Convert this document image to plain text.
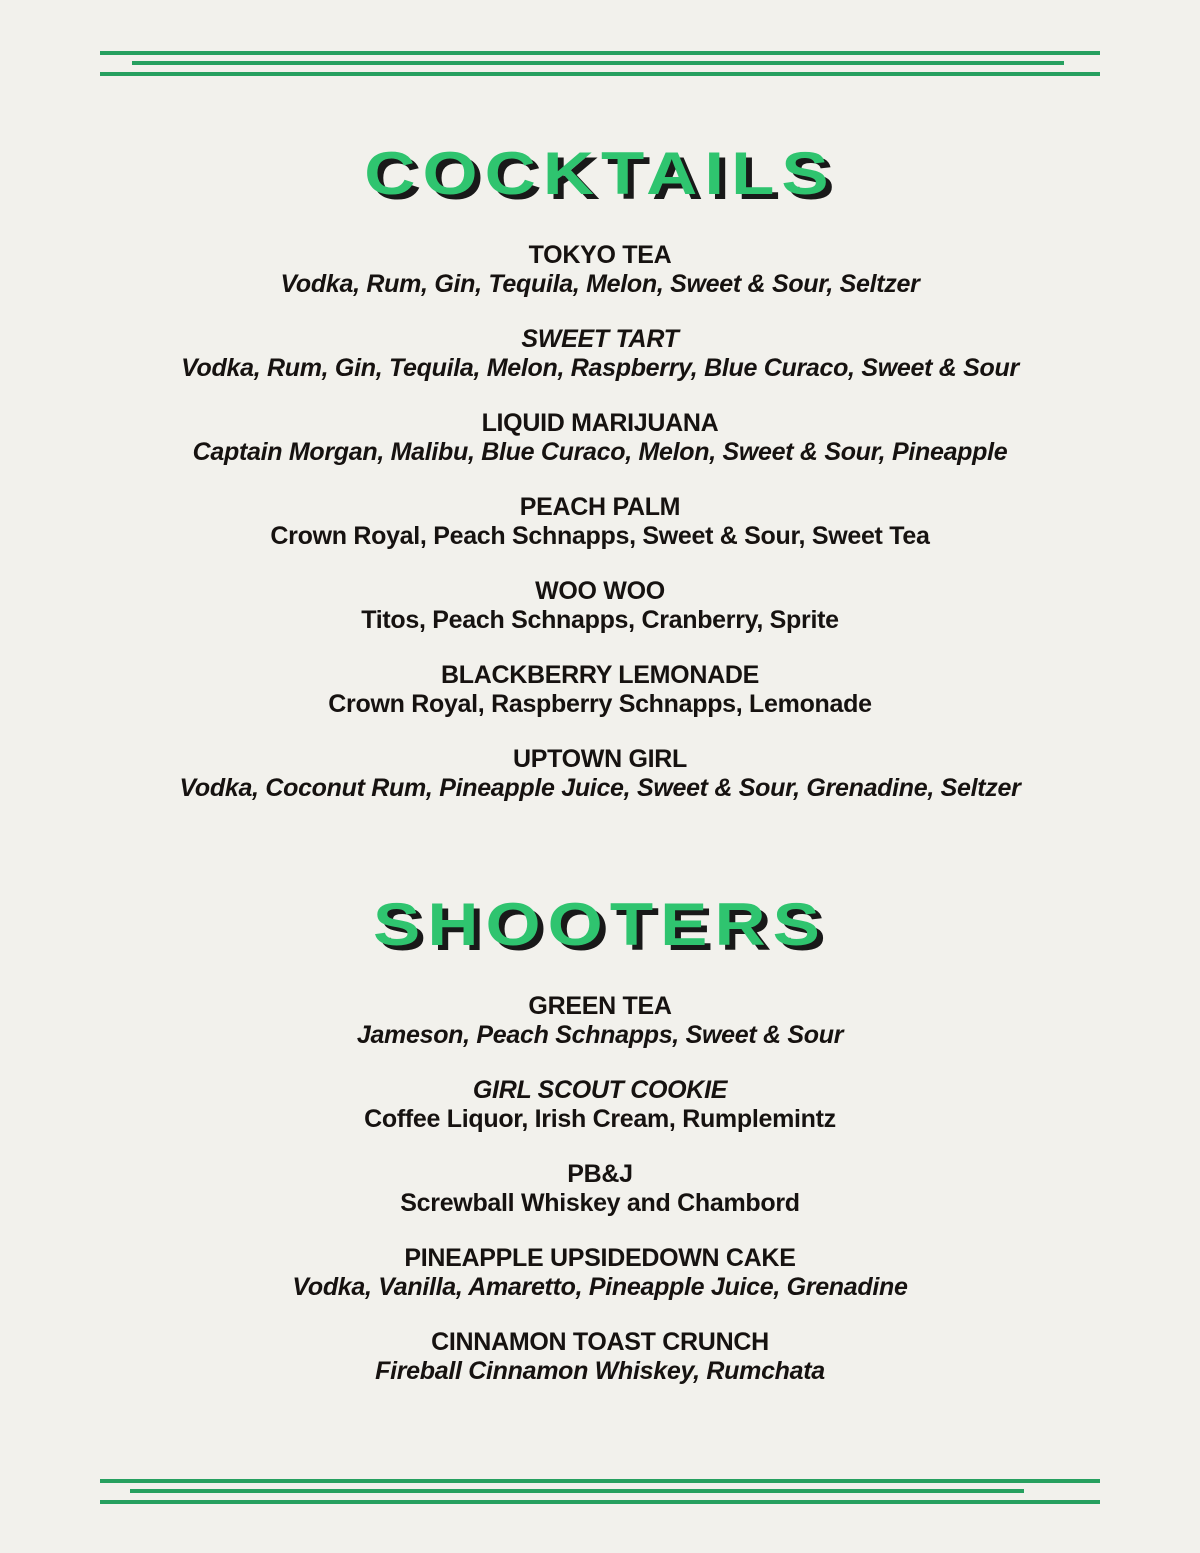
COCKTAILS
TOKYO TEA
Vodka, Rum, Gin, Tequila, Melon, Sweet & Sour, Seltzer
SWEET TART
Vodka, Rum, Gin, Tequila, Melon, Raspberry, Blue Curaco, Sweet & Sour
LIQUID MARIJUANA
Captain Morgan, Malibu, Blue Curaco, Melon, Sweet & Sour, Pineapple
PEACH PALM
Crown Royal, Peach Schnapps, Sweet & Sour, Sweet Tea
WOO WOO
Titos, Peach Schnapps, Cranberry, Sprite
BLACKBERRY LEMONADE
Crown Royal, Raspberry Schnapps, Lemonade
UPTOWN GIRL
Vodka, Coconut Rum, Pineapple Juice, Sweet & Sour, Grenadine, Seltzer
SHOOTERS
GREEN TEA
Jameson, Peach Schnapps, Sweet & Sour
GIRL SCOUT COOKIE
Coffee Liquor, Irish Cream, Rumplemintz
PB&J
Screwball Whiskey and Chambord
PINEAPPLE UPSIDEDOWN CAKE
Vodka, Vanilla, Amaretto, Pineapple Juice, Grenadine
CINNAMON TOAST CRUNCH
Fireball Cinnamon Whiskey, Rumchata
